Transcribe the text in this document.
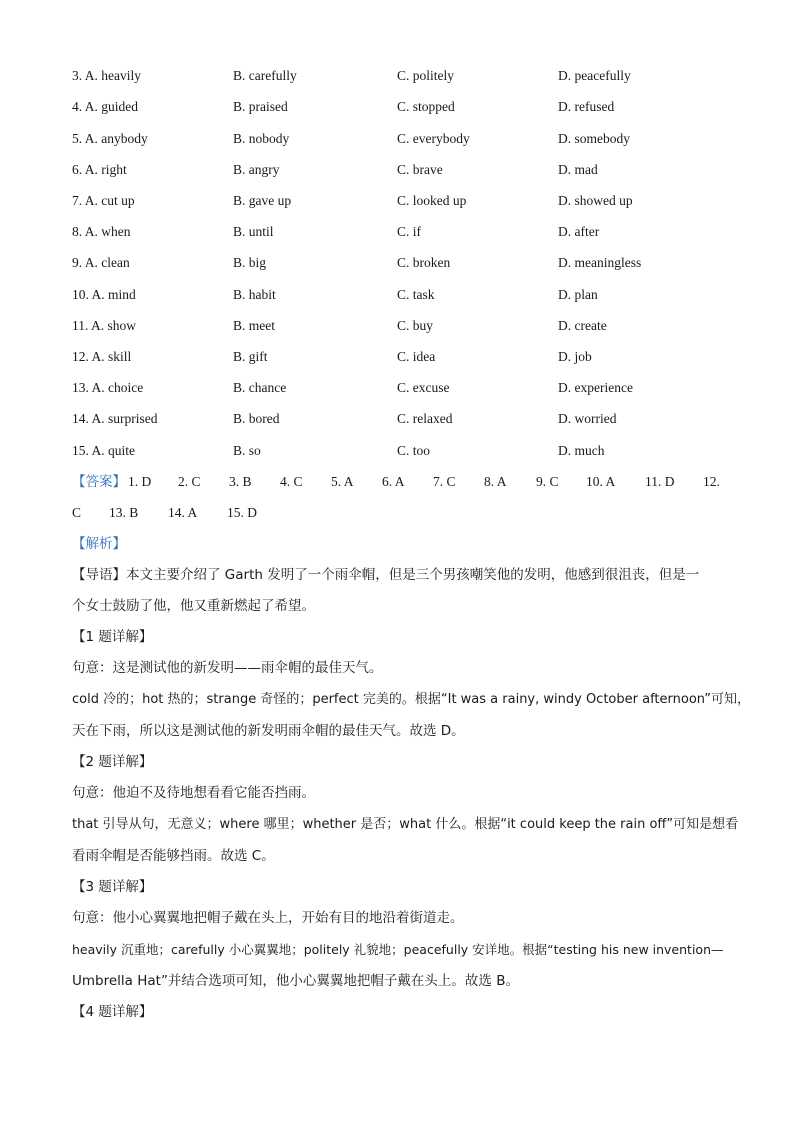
3. A. heavily	B. carefully	C. politely	D. peacefully
4. A. guided	B. praised	C. stopped	D. refused
5. A. anybody	B. nobody	C. everybody	D. somebody
6. A. right	B. angry	C. brave	D. mad
7. A. cut up	B. gave up	C. looked up	D. showed up
8. A. when	B. until	C. if	D. after
9. A. clean	B. big	C. broken	D. meaningless
10. A. mind	B. habit	C. task	D. plan
11. A. show	B. meet	C. buy	D. create
12. A. skill	B. gift	C. idea	D. job
13. A. choice	B. chance	C. excuse	D. experience
14. A. surprised	B. bored	C. relaxed	D. worried
15. A. quite	B. so	C. too	D. much
【答案】 1. D 2. C 3. B 4. C 5. A 6. A 7. C 8. A 9. C 10. A 11. D 12.
C 13. B 14. A 15. D
【解析】
【导语】本文主要介绍了 Garth 发明了一个雨伞帽，但是三个男孩嘲笑他的发明，他感到很沮丧，但是一
个女士鼓励了他，他又重新燃起了希望。
【1 题详解】
句意：这是测试他的新发明——雨伞帽的最佳天气。
cold 冷的；hot 热的；strange 奇怪的；perfect 完美的。根据“It was a rainy, windy October afternoon”可知，
天在下雨，所以这是测试他的新发明雨伞帽的最佳天气。故选 D。
【2 题详解】
句意：他迫不及待地想看看它能否挡雨。
that 引导从句，无意义；where 哪里；whether 是否；what 什么。根据“it could keep the rain off”可知是想看
看雨伞帽是否能够挡雨。故选 C。
【3 题详解】
句意：他小心翼翼地把帽子戴在头上，开始有目的地沿着街道走。
heavily 沉重地；carefully 小心翼翼地；politely 礼貌地；peacefully 安详地。根据“testing his new invention—
Umbrella Hat”并结合选项可知，他小心翼翼地把帽子戴在头上。故选 B。
【4 题详解】
